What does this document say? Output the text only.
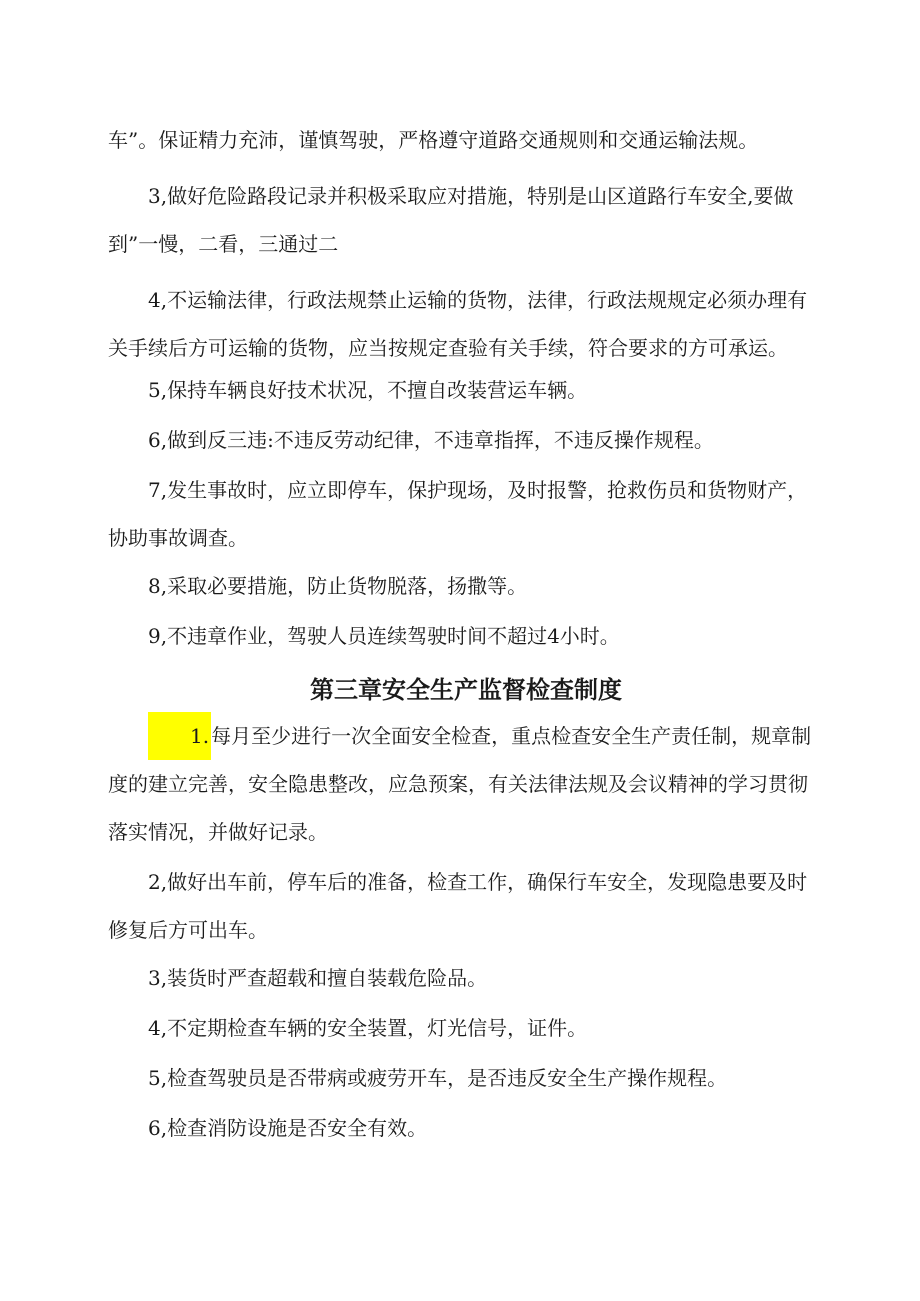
车”。保证精力充沛，谨慎驾驶，严格遵守道路交通规则和交通运输法规。

3,做好危险路段记录并积极采取应对措施，特别是山区道路行车安全,要做到”一慢，二看，三通过二

4,不运输法律，行政法规禁止运输的货物，法律，行政法规规定必须办理有关手续后方可运输的货物，应当按规定查验有关手续，符合要求的方可承运。

5,保持车辆良好技术状况，不擅自改装营运车辆。

6,做到反三违:不违反劳动纪律，不违章指挥，不违反操作规程。

7,发生事故时，应立即停车，保护现场，及时报警，抢救伤员和货物财产，协助事故调查。

8,采取必要措施，防止货物脱落，扬撒等。

9,不违章作业，驾驶人员连续驾驶时间不超过4小时。

第三章安全生产监督检查制度

1. 每月至少进行一次全面安全检查，重点检查安全生产责任制，规章制度的建立完善，安全隐患整改，应急预案，有关法律法规及会议精神的学习贯彻落实情况，并做好记录。

2,做好出车前，停车后的准备，检查工作，确保行车安全，发现隐患要及时修复后方可出车。

3,装货时严查超载和擅自装载危险品。

4,不定期检查车辆的安全装置，灯光信号，证件。

5,检查驾驶员是否带病或疲劳开车，是否违反安全生产操作规程。

6,检查消防设施是否安全有效。
